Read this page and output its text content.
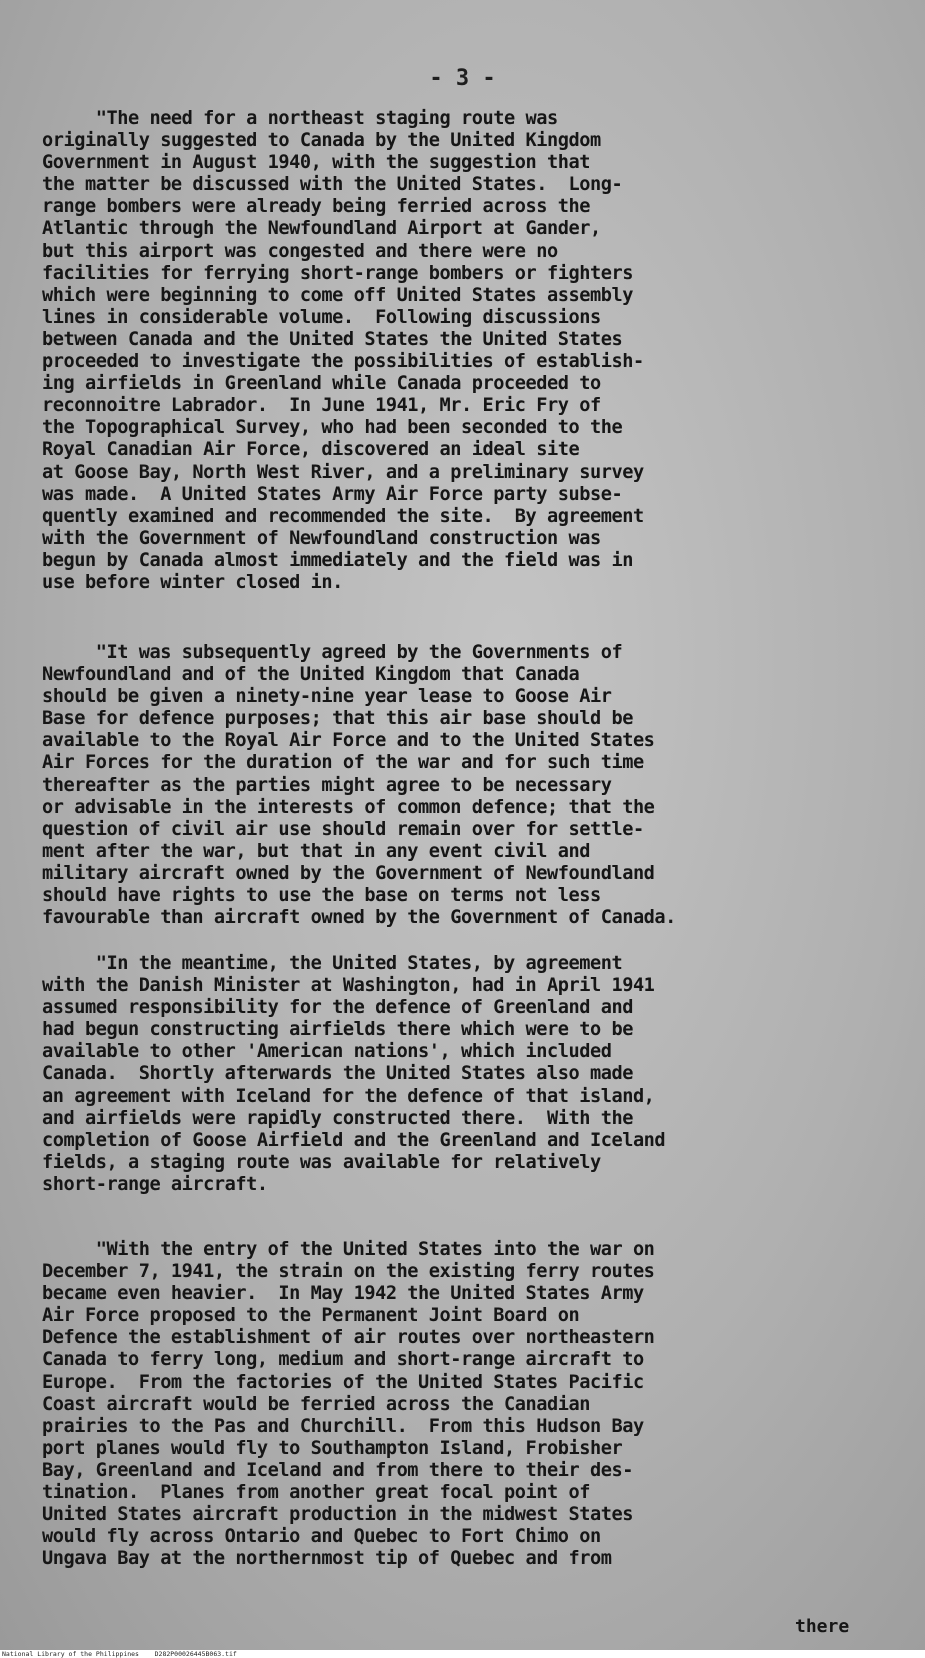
- 3 -

"The need for a northeast staging route was
originally suggested to Canada by the United Kingdom
Government in August 1940, with the suggestion that
the matter be discussed with the United States.  Long-
range bombers were already being ferried across the
Atlantic through the Newfoundland Airport at Gander,
but this airport was congested and there were no
facilities for ferrying short-range bombers or fighters
which were beginning to come off United States assembly
lines in considerable volume.  Following discussions
between Canada and the United States the United States
proceeded to investigate the possibilities of establish-
ing airfields in Greenland while Canada proceeded to
reconnoitre Labrador.  In June 1941, Mr. Eric Fry of
the Topographical Survey, who had been seconded to the
Royal Canadian Air Force, discovered an ideal site
at Goose Bay, North West River, and a preliminary survey
was made.  A United States Army Air Force party subse-
quently examined and recommended the site.  By agreement
with the Government of Newfoundland construction was
begun by Canada almost immediately and the field was in
use before winter closed in.

"It was subsequently agreed by the Governments of
Newfoundland and of the United Kingdom that Canada
should be given a ninety-nine year lease to Goose Air
Base for defence purposes; that this air base should be
available to the Royal Air Force and to the United States
Air Forces for the duration of the war and for such time
thereafter as the parties might agree to be necessary
or advisable in the interests of common defence; that the
question of civil air use should remain over for settle-
ment after the war, but that in any event civil and
military aircraft owned by the Government of Newfoundland
should have rights to use the base on terms not less
favourable than aircraft owned by the Government of Canada.

"In the meantime, the United States, by agreement
with the Danish Minister at Washington, had in April 1941
assumed responsibility for the defence of Greenland and
had begun constructing airfields there which were to be
available to other 'American nations', which included
Canada.  Shortly afterwards the United States also made
an agreement with Iceland for the defence of that island,
and airfields were rapidly constructed there.  With the
completion of Goose Airfield and the Greenland and Iceland
fields, a staging route was available for relatively
short-range aircraft.

"With the entry of the United States into the war on
December 7, 1941, the strain on the existing ferry routes
became even heavier.  In May 1942 the United States Army
Air Force proposed to the Permanent Joint Board on
Defence the establishment of air routes over northeastern
Canada to ferry long, medium and short-range aircraft to
Europe.  From the factories of the United States Pacific
Coast aircraft would be ferried across the Canadian
prairies to the Pas and Churchill.  From this Hudson Bay
port planes would fly to Southampton Island, Frobisher
Bay, Greenland and Iceland and from there to their des-
tination.  Planes from another great focal point of
United States aircraft production in the midwest States
would fly across Ontario and Quebec to Fort Chimo on
Ungava Bay at the northernmost tip of Quebec and from

there
National Library of the Philippines    D282P00026445B063.tif
